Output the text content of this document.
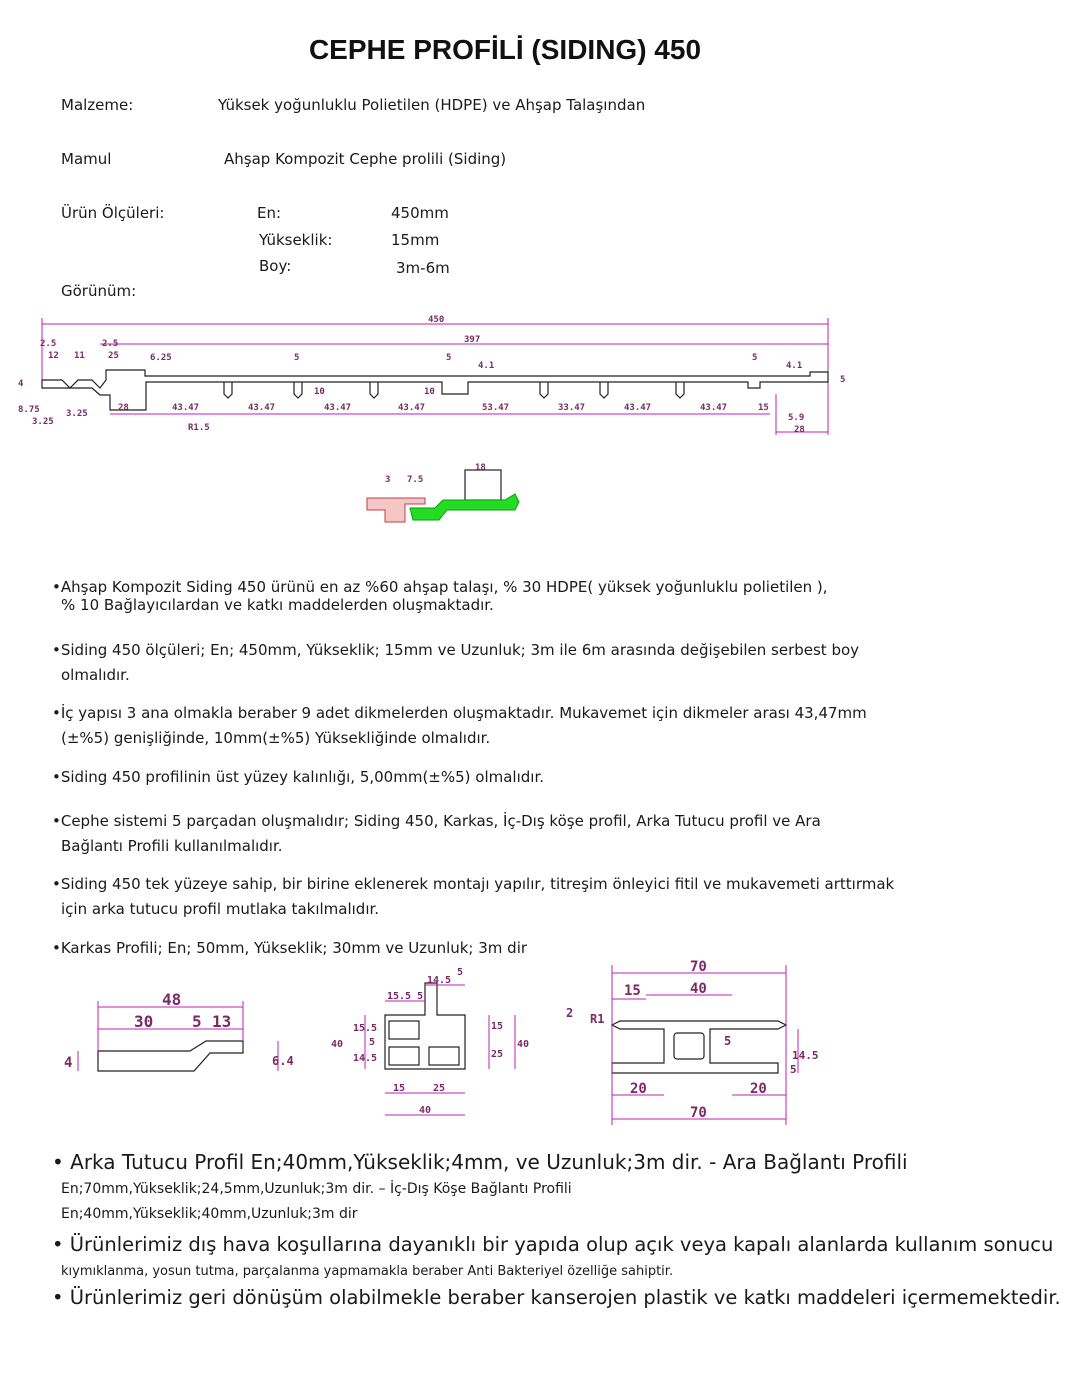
CEPHE PROFİLİ (SIDING) 450
Malzeme:	Yüksek yoğunluklu Polietilen (HDPE) ve Ahşap Talaşından
Mamul	Ahşap Kompozit Cephe prolili (Siding)
Ürün Ölçüleri:	En:	450mm
Yükseklik:	15mm
Boy:	3m-6m
Görünüm:
450
397
2.5
12 11	25
2.5
6.25	5	5
4.1
5
4.1
5
4
10	10
8.75
3.25
3.25
28	43.47	43.47	43.47	43.47	53.47	33.47	43.47	43.47	15
5.9
R1.5	28
3 7.5
18
•Ahşap Kompozit Siding 450 ürünü en az %60 ahşap talaşı, % 30 HDPE( yüksek yoğunluklu polietilen ),
% 10 Bağlayıcılardan ve katkı maddelerden oluşmaktadır.
•Siding 450 ölçüleri; En; 450mm, Yükseklik; 15mm ve Uzunluk; 3m ile 6m arasında değişebilen serbest boy
olmalıdır.
•İç yapısı 3 ana olmakla beraber 9 adet dikmelerden oluşmaktadır. Mukavemet için dikmeler arası 43,47mm
(±%5) genişliğinde, 10mm(±%5) Yüksekliğinde olmalıdır.
•Siding 450 profilinin üst yüzey kalınlığı, 5,00mm(±%5) olmalıdır.
•Cephe sistemi 5 parçadan oluşmalıdır; Siding 450, Karkas, İç-Dış köşe profil, Arka Tutucu profil ve Ara
Bağlantı Profili kullanılmalıdır.
•Siding 450 tek yüzeye sahip, bir birine eklenerek montajı yapılır, titreşim önleyici fitil ve mukavemeti arttırmak
için arka tutucu profil mutlaka takılmalıdır.
•Karkas Profili; En; 50mm, Yükseklik; 30mm ve Uzunluk; 3m dir
48
30 5 13
4	6.4
14.5
5
15.5 5
15.5
14.5
5
40
15	25
40
15
25
40
70
15	40
2 R1
5
5
14.5
20	20
70
• Arka Tutucu Profil En;40mm,Yükseklik;4mm, ve Uzunluk;3m dir. - Ara Bağlantı Profili
En;70mm,Yükseklik;24,5mm,Uzunluk;3m dir. – İç-Dış Köşe Bağlantı Profili
En;40mm,Yükseklik;40mm,Uzunluk;3m dir
• Ürünlerimiz dış hava koşullarına dayanıklı bir yapıda olup açık veya kapalı alanlarda kullanım sonucu
kıymıklanma, yosun tutma, parçalanma yapmamakla beraber Anti Bakteriyel özelliğe sahiptir.
• Ürünlerimiz geri dönüşüm olabilmekle beraber kanserojen plastik ve katkı maddeleri içermemektedir.
